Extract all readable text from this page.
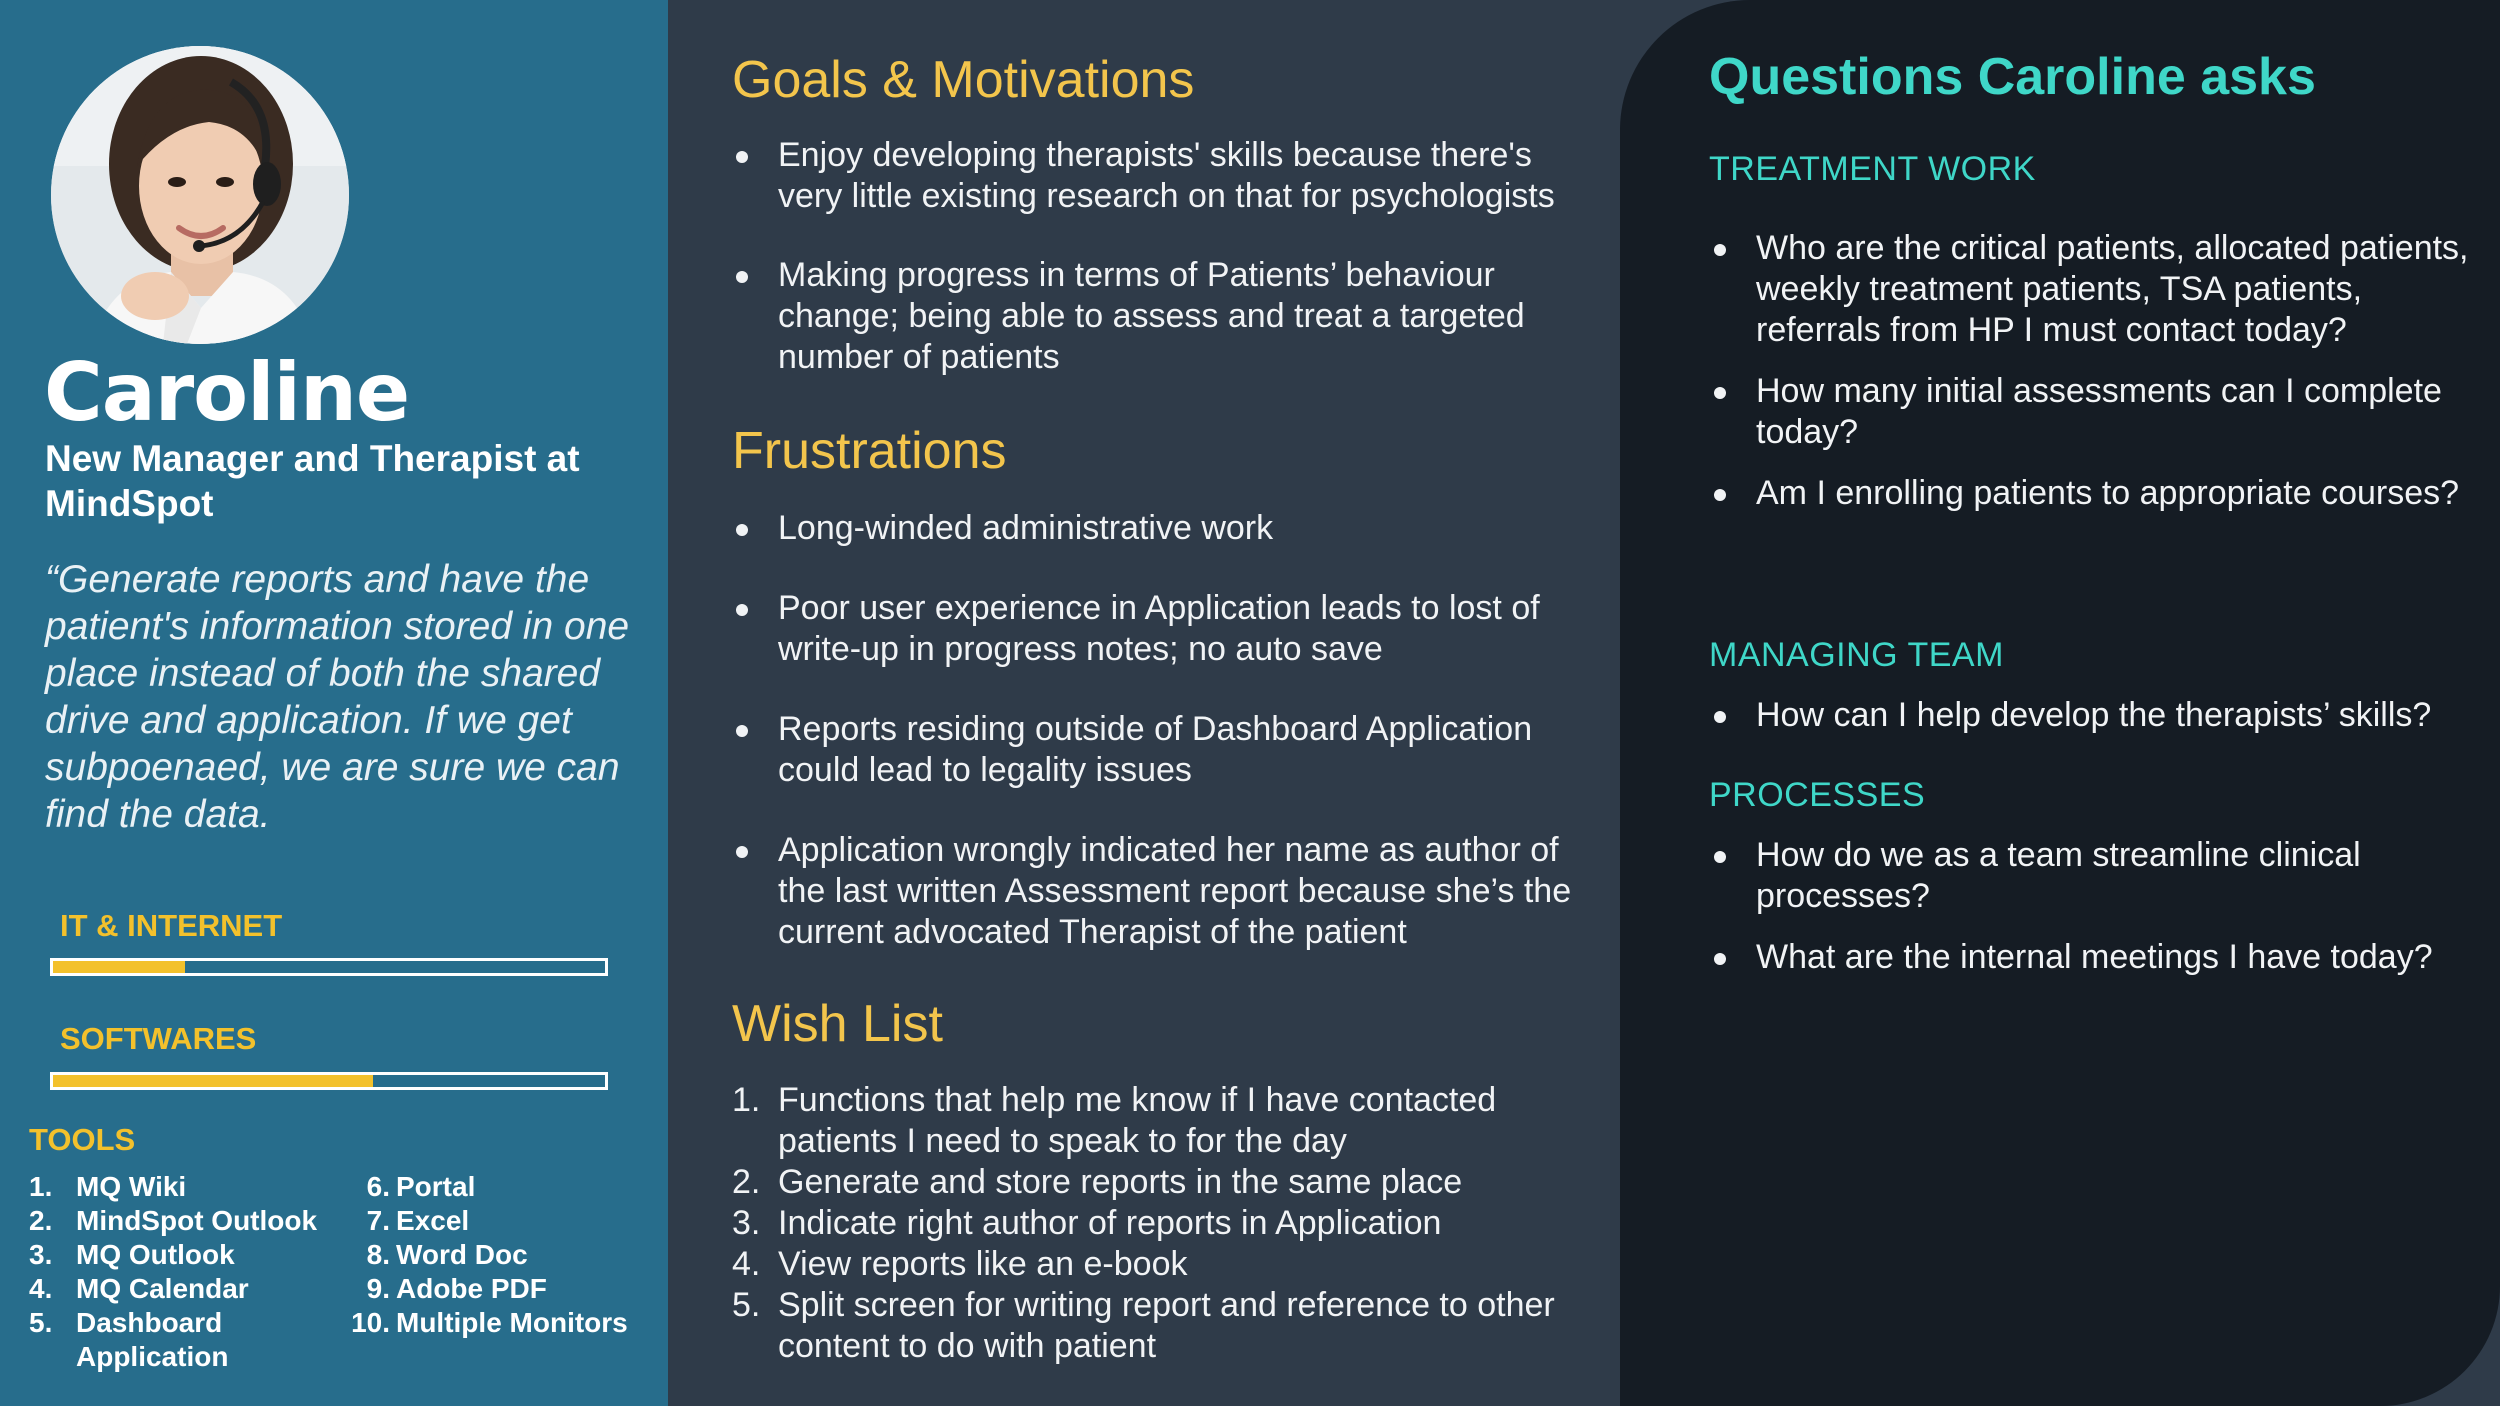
Caroline
New Manager and Therapist at MindSpot
“Generate reports and have the patient's information stored in one place instead of both the shared drive and application. If we get subpoenaed, we are sure we can find the data.
IT & INTERNET
SOFTWARES
TOOLS
1. MQ Wiki
2. MindSpot Outlook
3. MQ Outlook
4. MQ Calendar
5. Dashboard Application
6. Portal
7. Excel
8. Word Doc
9. Adobe PDF
10. Multiple Monitors
Goals & Motivations
Enjoy developing therapists' skills because there's very little existing research on that for psychologists
Making progress in terms of Patients’ behaviour change; being able to assess and treat a targeted number of patients
Frustrations
Long-winded administrative work
Poor user experience in Application leads to lost of write-up in progress notes; no auto save
Reports residing outside of Dashboard Application could lead to legality issues
Application wrongly indicated her name as author of the last written Assessment report because she’s the current advocated Therapist of the patient
Wish List
1. Functions that help me know if I have contacted patients I need to speak to for the day
2. Generate and store reports in the same place
3. Indicate right author of reports in Application
4. View reports like an e-book
5. Split screen for writing report and reference to other content to do with patient
Questions Caroline asks
TREATMENT WORK
Who are the critical patients, allocated patients, weekly treatment patients, TSA patients, referrals from HP I must contact today?
How many initial assessments can I complete today?
Am I enrolling patients to appropriate courses?
MANAGING TEAM
How can I help develop the therapists’ skills?
PROCESSES
How do we as a team streamline clinical processes?
What are the internal meetings I have today?
